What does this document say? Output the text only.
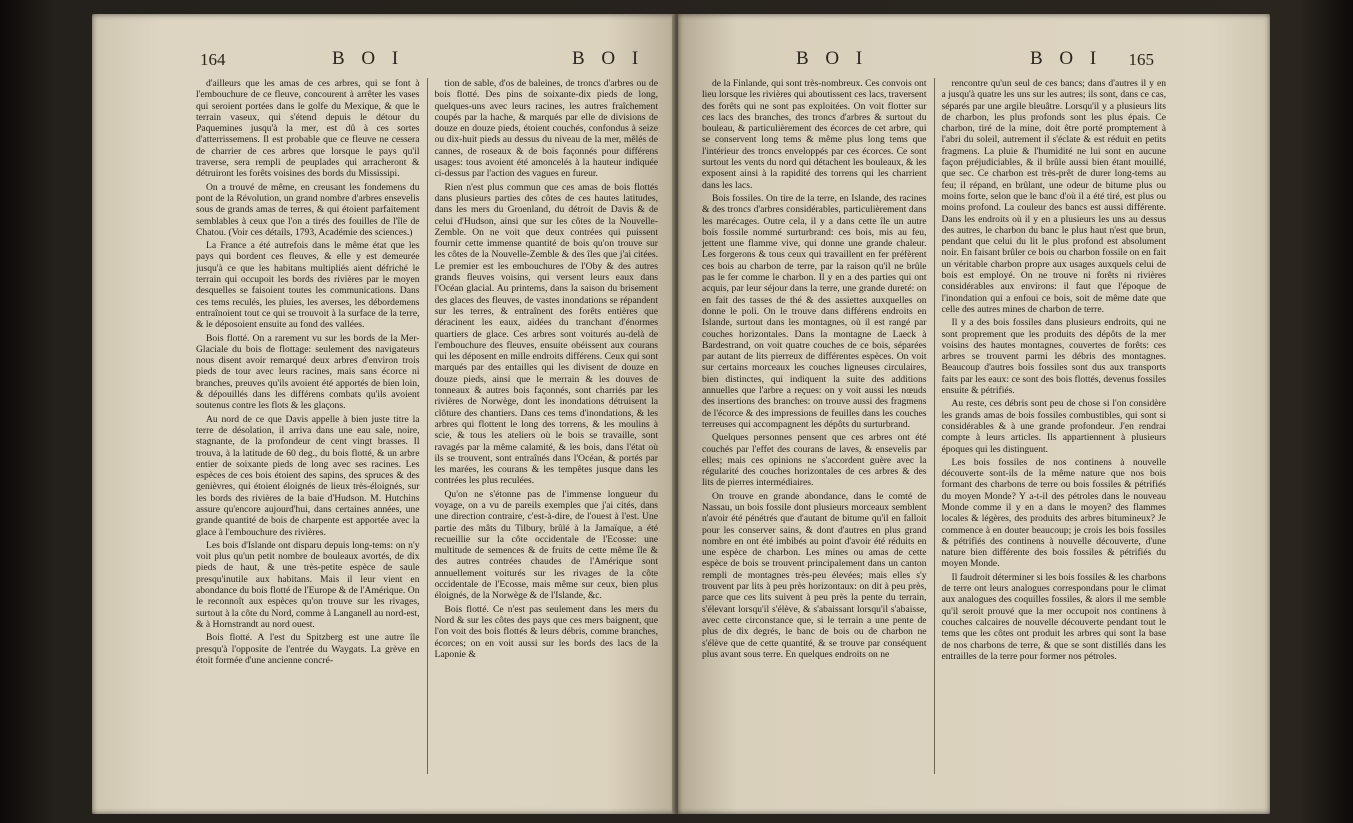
164	B O I	B O I

d'ailleurs que les amas de ces arbres, qui se font à l'embouchure de ce fleuve, concourent à arrêter les vases qui seroient portées dans le golfe du Mexique, & que le terrain vaseux, qui s'étend depuis le détour du Paquemines jusqu'à la mer, est dû à ces sortes d'atterrissemens. Il est probable que ce fleuve ne cessera de charrier de ces arbres que lorsque le pays qu'il traverse, sera rempli de peuplades qui arracheront & détruiront les forêts voisines des bords du Mississipi.

On a trouvé de même, en creusant les fondemens du pont de la Révolution, un grand nombre d'arbres ensevelis sous de grands amas de terres, & qui étoient parfaitement semblables à ceux que l'on a tirés des fouilles de l'île de Chatou. (Voir ces détails, 1793, Académie des sciences.)

La France a été autrefois dans le même état que les pays qui bordent ces fleuves, & elle y est demeurée jusqu'à ce que les habitans multipliés aient défriché le terrain qui occupoit les bords des rivières par le moyen desquelles se faisoient toutes les communications. Dans ces tems reculés, les pluies, les averses, les débordemens entraînoient tout ce qui se trouvoit à la surface de la terre, & le déposoient ensuite au fond des vallées.

Bois flotté. On a rarement vu sur les bords de la Mer-Glaciale du bois de flottage: seulement des navigateurs nous disent avoir remarqué deux arbres d'environ trois pieds de tour avec leurs racines, mais sans écorce ni branches, preuves qu'ils avoient été apportés de bien loin, & dépouillés dans les différens combats qu'ils avoient soutenus contre les flots & les glaçons.

Au nord de ce que Davis appelle à bien juste titre la terre de désolation, il arriva dans une eau sale, noire, stagnante, de la profondeur de cent vingt brasses. Il trouva, à la latitude de 60 deg., du bois flotté, & un arbre entier de soixante pieds de long avec ses racines. Les espèces de ces bois étoient des sapins, des spruces & des genièvres, qui étoient éloignés de lieux très-éloignés, sur les bords des rivières de la baie d'Hudson. M. Hutchins assure qu'encore aujourd'hui, dans certaines années, une grande quantité de bois de charpente est apportée avec la glace à l'embouchure des rivières.

Les bois d'Islande ont disparu depuis long-tems: on n'y voit plus qu'un petit nombre de bouleaux avortés, de dix pieds de haut, & une très-petite espèce de saule presqu'inutile aux habitans. Mais il leur vient en abondance du bois flotté de l'Europe & de l'Amérique. On le reconnoît aux espèces qu'on trouve sur les rivages, surtout à la côte du Nord, comme à Langanell au nord-est, & à Hornstrandt au nord ouest.

Bois flotté. A l'est du Spitzberg est une autre île presqu'à l'opposite de l'entrée du Waygats. La grève en étoit formée d'une ancienne concré-

tion de sable, d'os de baleines, de troncs d'arbres ou de bois flotté. Des pins de soixante-dix pieds de long, quelques-uns avec leurs racines, les autres fraîchement coupés par la hache, & marqués par elle de divisions de douze en douze pieds, étoient couchés, confondus à seize ou dix-huit pieds au dessus du niveau de la mer, mêlés de cannes, de roseaux & de bois façonnés pour différens usages: tous avoient été amoncelés à la hauteur indiquée ci-dessus par l'action des vagues en fureur.

Rien n'est plus commun que ces amas de bois flottés dans plusieurs parties des côtes de ces hautes latitudes, dans les mers du Groenland, du détroit de Davis & de celui d'Hudson, ainsi que sur les côtes de la Nouvelle-Zemble. On ne voit que deux contrées qui puissent fournir cette immense quantité de bois qu'on trouve sur les côtes de la Nouvelle-Zemble & des îles que j'ai citées. Le premier est les embouchures de l'Oby & des autres grands fleuves voisins, qui versent leurs eaux dans l'Océan glacial. Au printems, dans la saison du brisement des glaces des fleuves, de vastes inondations se répandent sur les terres, & entraînent des forêts entières que déracinent les eaux, aidées du tranchant d'énormes quartiers de glace. Ces arbres sont voiturés au-delà de l'embouchure des fleuves, ensuite obéissent aux courans qui les déposent en mille endroits différens. Ceux qui sont marqués par des entailles qui les divisent de douze en douze pieds, ainsi que le merrain & les douves de tonneaux & autres bois façonnés, sont charriés par les rivières de Norwège, dont les inondations détruisent la clôture des chantiers. Dans ces tems d'inondations, & les arbres qui flottent le long des torrens, & les moulins à scie, & tous les ateliers où le bois se travaille, sont ravagés par la même calamité, & les bois, dans l'état où ils se trouvent, sont entraînés dans l'Océan, & portés par les marées, les courans & les tempêtes jusque dans les contrées les plus reculées.

Qu'on ne s'étonne pas de l'immense longueur du voyage, on a vu de pareils exemples que j'ai cités, dans une direction contraire, c'est-à-dire, de l'ouest à l'est. Une partie des mâts du Tilbury, brûlé à la Jamaïque, a été recueillie sur la côte occidentale de l'Ecosse: une multitude de semences & de fruits de cette même île & des autres contrées chaudes de l'Amérique sont annuellement voiturés sur les rivages de la côte occidentale de l'Ecosse, mais même sur ceux, bien plus éloignés, de la Norwège & de l'Islande, &c.

Bois flotté. Ce n'est pas seulement dans les mers du Nord & sur les côtes des pays que ces mers baignent, que l'on voit des bois flottés & leurs débris, comme branches, écorces; on en voit aussi sur les bords des lacs de la Laponie &

B O I	B O I 165

de la Finlande, qui sont très-nombreux. Ces convois ont lieu lorsque les rivières qui aboutissent ces lacs, traversent des forêts qui ne sont pas exploitées. On voit flotter sur ces lacs des branches, des troncs d'arbres & surtout du bouleau, & particulièrement des écorces de cet arbre, qui se conservent long tems & même plus long tems que l'intérieur des troncs enveloppés par ces écorces. Ce sont surtout les vents du nord qui détachent les bouleaux, & les exposent ainsi à la rapidité des torrens qui les charrient dans les lacs.

Bois fossiles. On tire de la terre, en Islande, des racines & des troncs d'arbres considérables, particulièrement dans les marécages. Outre cela, il y a dans cette île un autre bois fossile nommé surturbrand: ces bois, mis au feu, jettent une flamme vive, qui donne une grande chaleur. Les forgerons & tous ceux qui travaillent en fer préfèrent ces bois au charbon de terre, par la raison qu'il ne brûle pas le fer comme le charbon. Il y en a des parties qui ont acquis, par leur séjour dans la terre, une grande dureté: on en fait des tasses de thé & des assiettes auxquelles on donne le poli. On le trouve dans différens endroits en Islande, surtout dans les montagnes, où il est rangé par couches horizontales. Dans la montagne de Laeck à Bardestrand, on voit quatre couches de ce bois, séparées par autant de lits pierreux de différentes espèces. On voit sur certains morceaux les couches ligneuses circulaires, bien distinctes, qui indiquent la suite des additions annuelles que l'arbre a reçues: on y voit aussi les nœuds des insertions des branches: on trouve aussi des fragmens de l'écorce & des impressions de feuilles dans les couches terreuses qui accompagnent les dépôts du surturbrand.

Quelques personnes pensent que ces arbres ont été couchés par l'effet des courans de laves, & ensevelis par elles; mais ces opinions ne s'accordent guère avec la régularité des couches horizontales de ces arbres & des lits de pierres intermédiaires.

On trouve en grande abondance, dans le comté de Nassau, un bois fossile dont plusieurs morceaux semblent n'avoir été pénétrés que d'autant de bitume qu'il en falloit pour les conserver sains, & dont d'autres en plus grand nombre en ont été imbibés au point d'avoir été réduits en une espèce de charbon. Les mines ou amas de cette espèce de bois se trouvent principalement dans un canton rempli de montagnes très-peu élevées; mais elles s'y trouvent par lits à peu près horizontaux: on dit à peu près, parce que ces lits suivent à peu près la pente du terrain, s'élevant lorsqu'il s'élève, & s'abaissant lorsqu'il s'abaisse, avec cette circonstance que, si le terrain a une pente de plus de dix degrés, le banc de bois ou de charbon ne s'élève que de cette quantité, & se trouve par conséquent plus avant sous terre. En quelques endroits on ne

rencontre qu'un seul de ces bancs; dans d'autres il y en a jusqu'à quatre les uns sur les autres; ils sont, dans ce cas, séparés par une argile bleuâtre. Lorsqu'il y a plusieurs lits de charbon, les plus profonds sont les plus épais. Ce charbon, tiré de la mine, doit être porté promptement à l'abri du soleil, autrement il s'éclate & est réduit en petits fragmens. La pluie & l'humidité ne lui sont en aucune façon préjudiciables, & il brûle aussi bien étant mouillé, que sec. Ce charbon est très-prêt de durer long-tems au feu; il répand, en brûlant, une odeur de bitume plus ou moins forte, selon que le banc d'où il a été tiré, est plus ou moins profond. La couleur des bancs est aussi différente. Dans les endroits où il y en a plusieurs les uns au dessus des autres, le charbon du banc le plus haut n'est que brun, pendant que celui du lit le plus profond est absolument noir. En faisant brûler ce bois ou charbon fossile on en fait un véritable charbon propre aux usages auxquels celui de bois est employé. On ne trouve ni forêts ni rivières considérables aux environs: il faut que l'époque de l'inondation qui a enfoui ce bois, soit de même date que celle des autres mines de charbon de terre.

Il y a des bois fossiles dans plusieurs endroits, qui ne sont proprement que les produits des dépôts de la mer voisins des hautes montagnes, couvertes de forêts: ces arbres se trouvent parmi les débris des montagnes. Beaucoup d'autres bois fossiles sont dus aux transports faits par les eaux: ce sont des bois flottés, devenus fossiles ensuite & pétrifiés.

Au reste, ces débris sont peu de chose si l'on considère les grands amas de bois fossiles combustibles, qui sont si considérables & à une grande profondeur. J'en rendrai compte à leurs articles. Ils appartiennent à plusieurs époques qui les distinguent.

Les bois fossiles de nos continens à nouvelle découverte sont-ils de la même nature que nos bois formant des charbons de terre ou bois fossiles & pétrifiés du moyen Monde? Y a-t-il des pétroles dans le nouveau Monde comme il y en a dans le moyen? des flammes locales & légères, des produits des arbres bitumineux? Je commence à en douter beaucoup; je crois les bois fossiles & pétrifiés des continens à nouvelle découverte, d'une nature bien différente des bois fossiles & pétrifiés du moyen Monde.

Il faudroit déterminer si les bois fossiles & les charbons de terre ont leurs analogues correspondans pour le climat aux analogues des coquilles fossiles, & alors il me semble qu'il seroit prouvé que la mer occupoit nos continens à couches calcaires de nouvelle découverte pendant tout le tems que les côtes ont produit les arbres qui sont la base de nos charbons de terre, & que se sont distillés dans les entrailles de la terre pour former nos pétroles.
